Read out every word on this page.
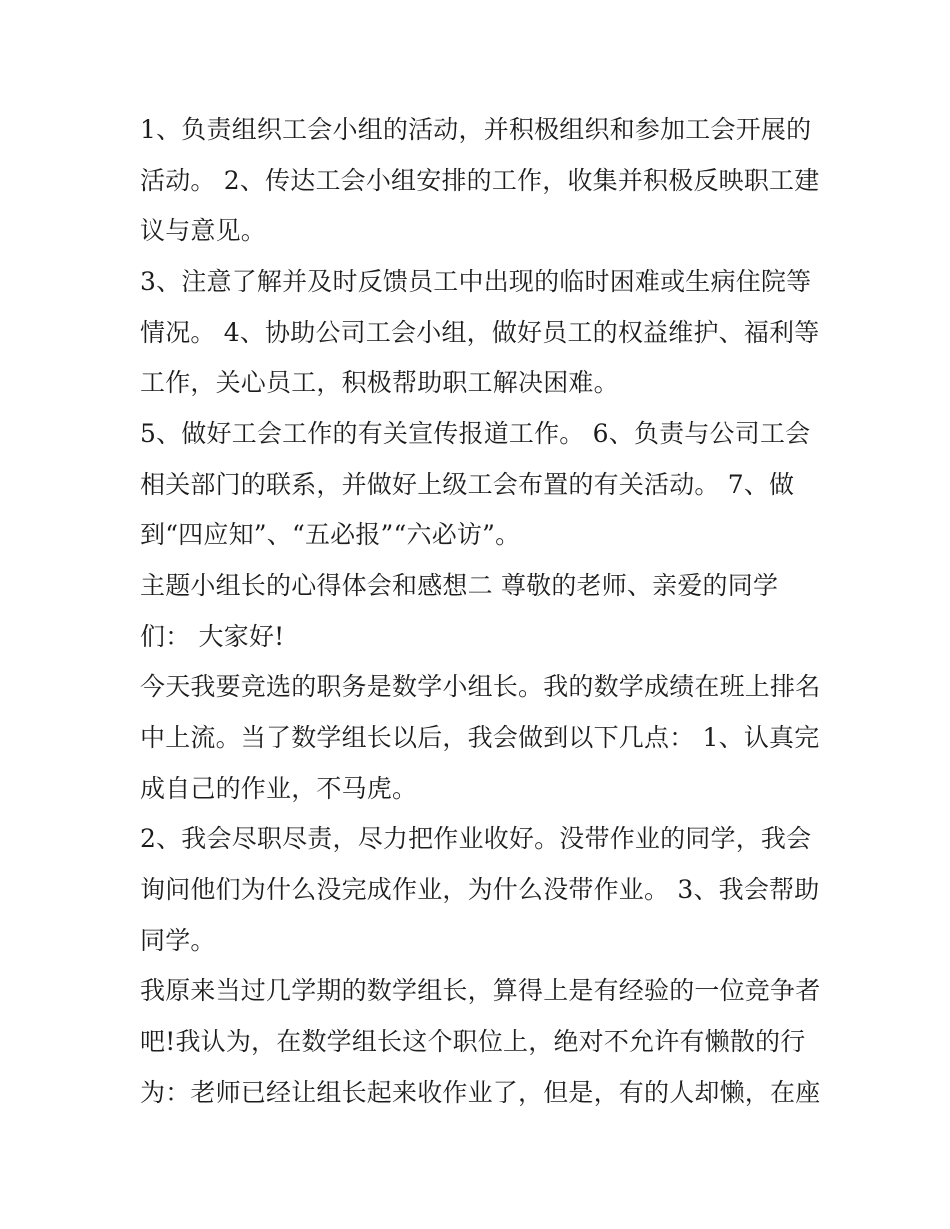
1、负责组织工会小组的活动，并积极组织和参加工会开展的

活动。 2、传达工会小组安排的工作，收集并积极反映职工建

议与意见。

3、注意了解并及时反馈员工中出现的临时困难或生病住院等

情况。 4、协助公司工会小组，做好员工的权益维护、福利等

工作，关心员工，积极帮助职工解决困难。

5、做好工会工作的有关宣传报道工作。 6、负责与公司工会

相关部门的联系，并做好上级工会布置的有关活动。 7、做

到“四应知”、“五必报”“六必访”。

主题小组长的心得体会和感想二 尊敬的老师、亲爱的同学

们： 大家好!

今天我要竞选的职务是数学小组长。我的数学成绩在班上排名

中上流。当了数学组长以后，我会做到以下几点： 1、认真完

成自己的作业，不马虎。

2、我会尽职尽责，尽力把作业收好。没带作业的同学，我会

询问他们为什么没完成作业，为什么没带作业。 3、我会帮助

同学。

我原来当过几学期的数学组长，算得上是有经验的一位竞争者

吧!我认为，在数学组长这个职位上，绝对不允许有懒散的行

为：老师已经让组长起来收作业了，但是，有的人却懒，在座
